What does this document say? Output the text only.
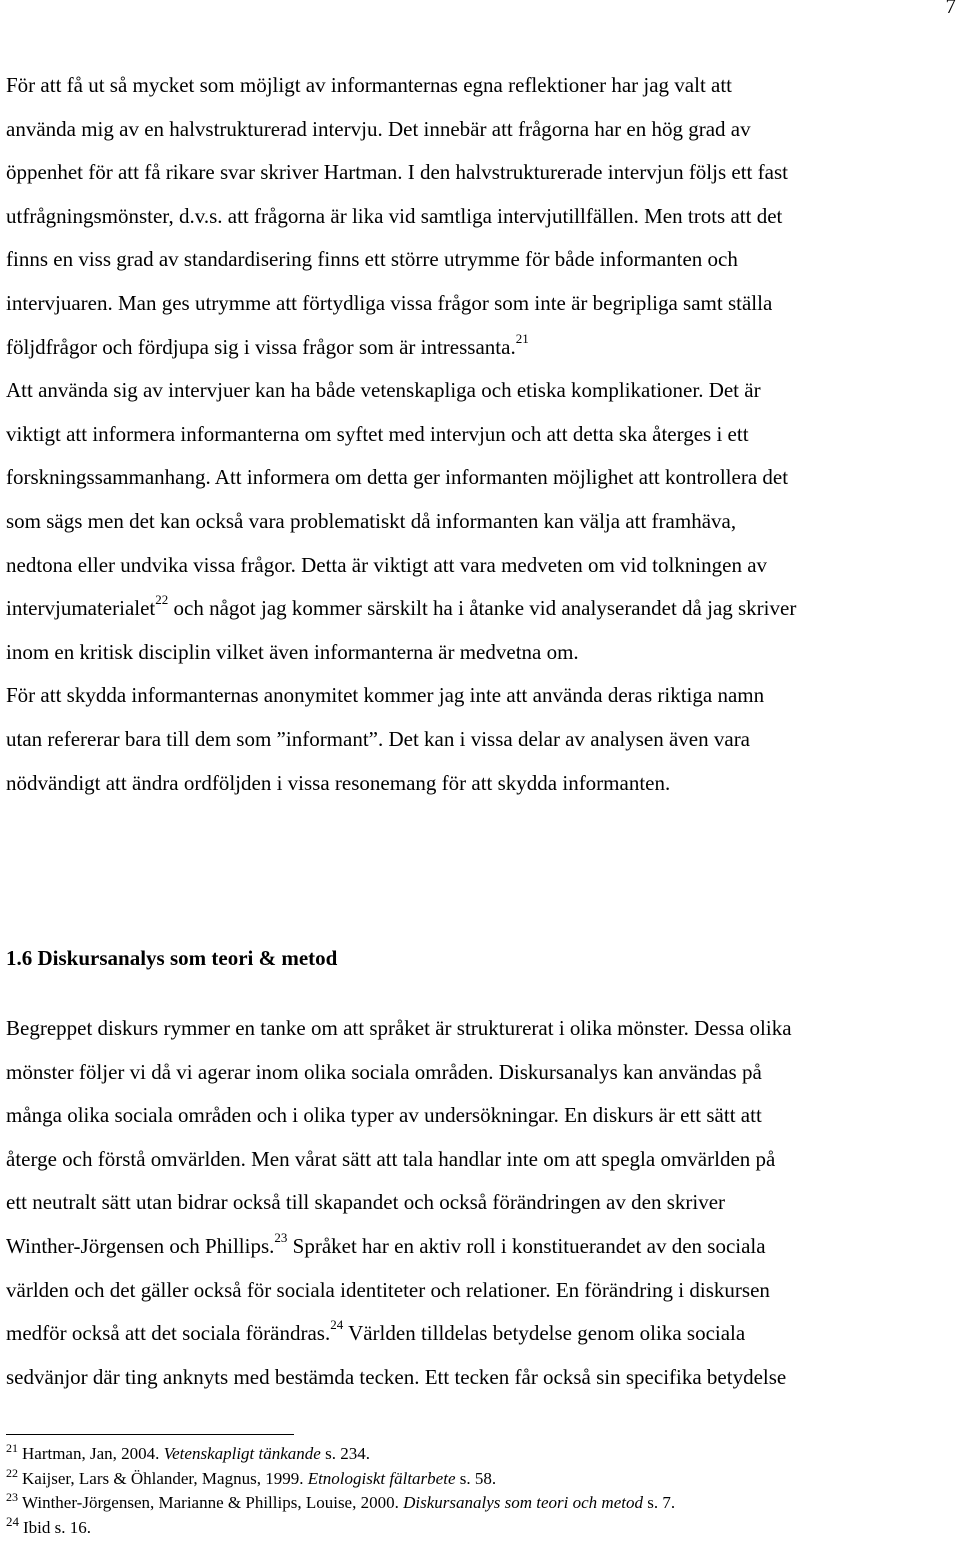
7
För att få ut så mycket som möjligt av informanternas egna reflektioner har jag valt att
använda mig av en halvstrukturerad intervju. Det innebär att frågorna har en hög grad av
öppenhet för att få rikare svar skriver Hartman. I den halvstrukturerade intervjun följs ett fast
utfrågningsmönster, d.v.s. att frågorna är lika vid samtliga intervjutillfällen. Men trots att det
finns en viss grad av standardisering finns ett större utrymme för både informanten och
intervjuaren. Man ges utrymme att förtydliga vissa frågor som inte är begripliga samt ställa
följdfrågor och fördjupa sig i vissa frågor som är intressanta.$^{21}$
Att använda sig av intervjuer kan ha både vetenskapliga och etiska komplikationer. Det är
viktigt att informera informanterna om syftet med intervjun och att detta ska återges i ett
forskningssammanhang. Att informera om detta ger informanten möjlighet att kontrollera det
som sägs men det kan också vara problematiskt då informanten kan välja att framhäva,
nedtona eller undvika vissa frågor. Detta är viktigt att vara medveten om vid tolkningen av
intervjumaterialet$^{22}$ och något jag kommer särskilt ha i åtanke vid analyserandet då jag skriver
inom en kritisk disciplin vilket även informanterna är medvetna om.
För att skydda informanternas anonymitet kommer jag inte att använda deras riktiga namn
utan refererar bara till dem som ”informant”. Det kan i vissa delar av analysen även vara
nödvändigt att ändra ordföljden i vissa resonemang för att skydda informanten.
1.6 Diskursanalys som teori & metod
Begreppet diskurs rymmer en tanke om att språket är strukturerat i olika mönster. Dessa olika
mönster följer vi då vi agerar inom olika sociala områden. Diskursanalys kan användas på
många olika sociala områden och i olika typer av undersökningar. En diskurs är ett sätt att
återge och förstå omvärlden. Men vårat sätt att tala handlar inte om att spegla omvärlden på
ett neutralt sätt utan bidrar också till skapandet och också förändringen av den skriver
Winther-Jörgensen och Phillips.$^{23}$ Språket har en aktiv roll i konstituerandet av den sociala
världen och det gäller också för sociala identiteter och relationer. En förändring i diskursen
medför också att det sociala förändras.$^{24}$ Världen tilldelas betydelse genom olika sociala
sedvänjor där ting anknyts med bestämda tecken. Ett tecken får också sin specifika betydelse
$^{21}$ Hartman, Jan, 2004. Vetenskapligt tänkande s. 234.
$^{22}$ Kaijser, Lars & Öhlander, Magnus, 1999. Etnologiskt fältarbete s. 58.
$^{23}$ Winther-Jörgensen, Marianne & Phillips, Louise, 2000. Diskursanalys som teori och metod s. 7.
$^{24}$ Ibid s. 16.
